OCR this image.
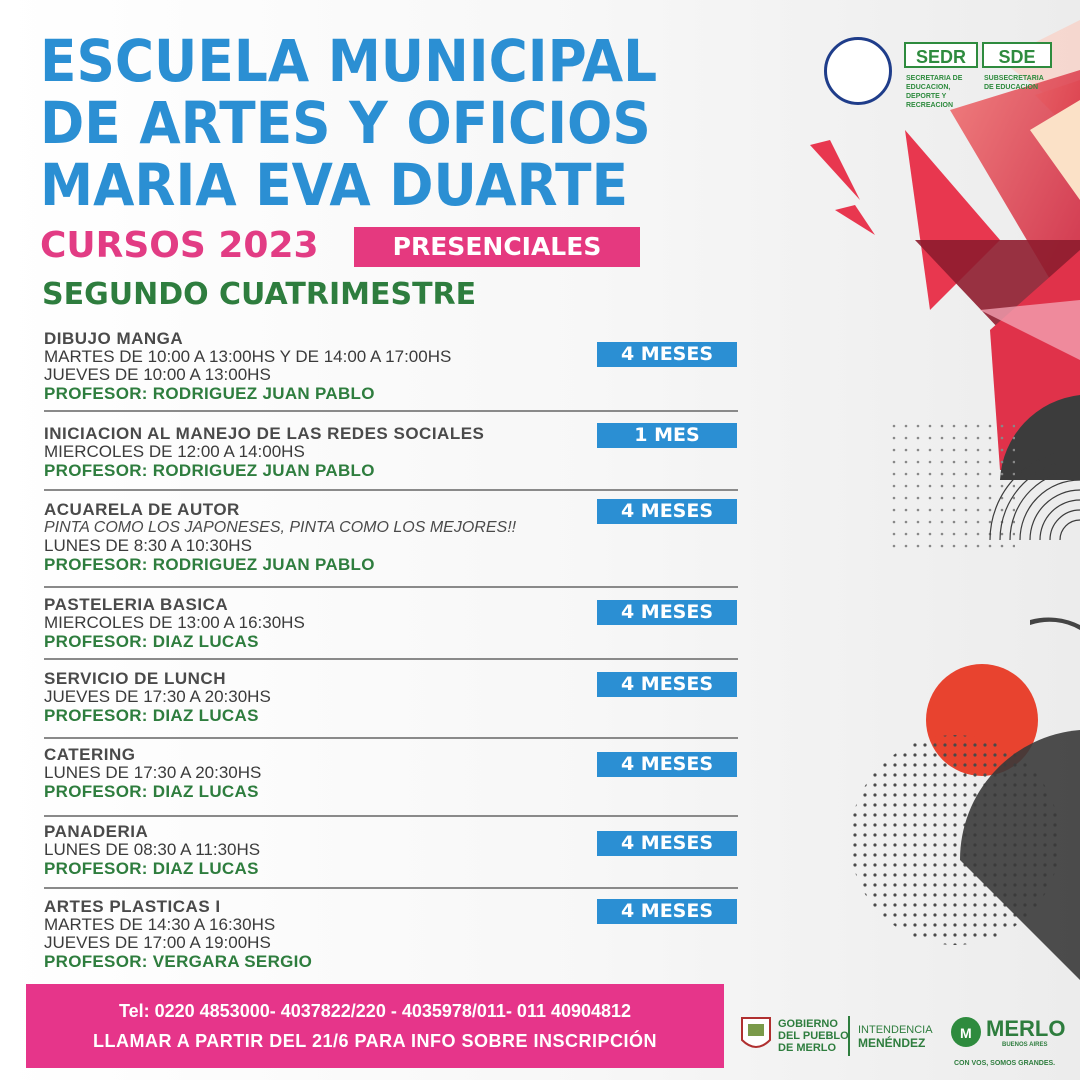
M
ESCUELA MUNICIPAL
DE ARTES Y OFICIOS
MARIA EVA DUARTE
CURSOS 2023	PRESENCIALES
SEGUNDO CUATRIMESTRE
DIBUJO MANGA
MARTES DE 10:00 A 13:00HS Y DE 14:00 A 17:00HS
JUEVES DE 10:00 A 13:00HS
PROFESOR: RODRIGUEZ JUAN PABLO
4 MESES
INICIACION AL MANEJO DE LAS REDES SOCIALES
MIERCOLES DE 12:00 A 14:00HS
PROFESOR: RODRIGUEZ JUAN PABLO
1 MES
ACUARELA DE AUTOR
PINTA COMO LOS JAPONESES, PINTA COMO LOS MEJORES!!
LUNES DE 8:30 A 10:30HS
PROFESOR: RODRIGUEZ JUAN PABLO
4 MESES
PASTELERIA BASICA
MIERCOLES DE 13:00 A 16:30HS
PROFESOR: DIAZ LUCAS
4 MESES
SERVICIO DE LUNCH
JUEVES DE 17:30 A 20:30HS
PROFESOR: DIAZ LUCAS
4 MESES
CATERING
LUNES DE 17:30 A 20:30HS
PROFESOR: DIAZ LUCAS
4 MESES
PANADERIA
LUNES DE 08:30 A 11:30HS
PROFESOR: DIAZ LUCAS
4 MESES
ARTES PLASTICAS I
MARTES DE 14:30 A 16:30HS
JUEVES DE 17:00 A 19:00HS
PROFESOR: VERGARA SERGIO
4 MESES
Tel: 0220 4853000- 4037822/220 - 4035978/011- 011 40904812
LLAMAR A PARTIR DEL 21/6 PARA INFO SOBRE INSCRIPCIÓN
SEDR	SDE
SECRETARIA DE EDUCACION, DEPORTE Y RECREACION
SUBSECRETARIA DE EDUCACION
GOBIERNO
DEL PUEBLO
DE MERLO
INTENDENCIA
MENÉNDEZ
MERLO
BUENOS AIRES
CON VOS, SOMOS GRANDES.
